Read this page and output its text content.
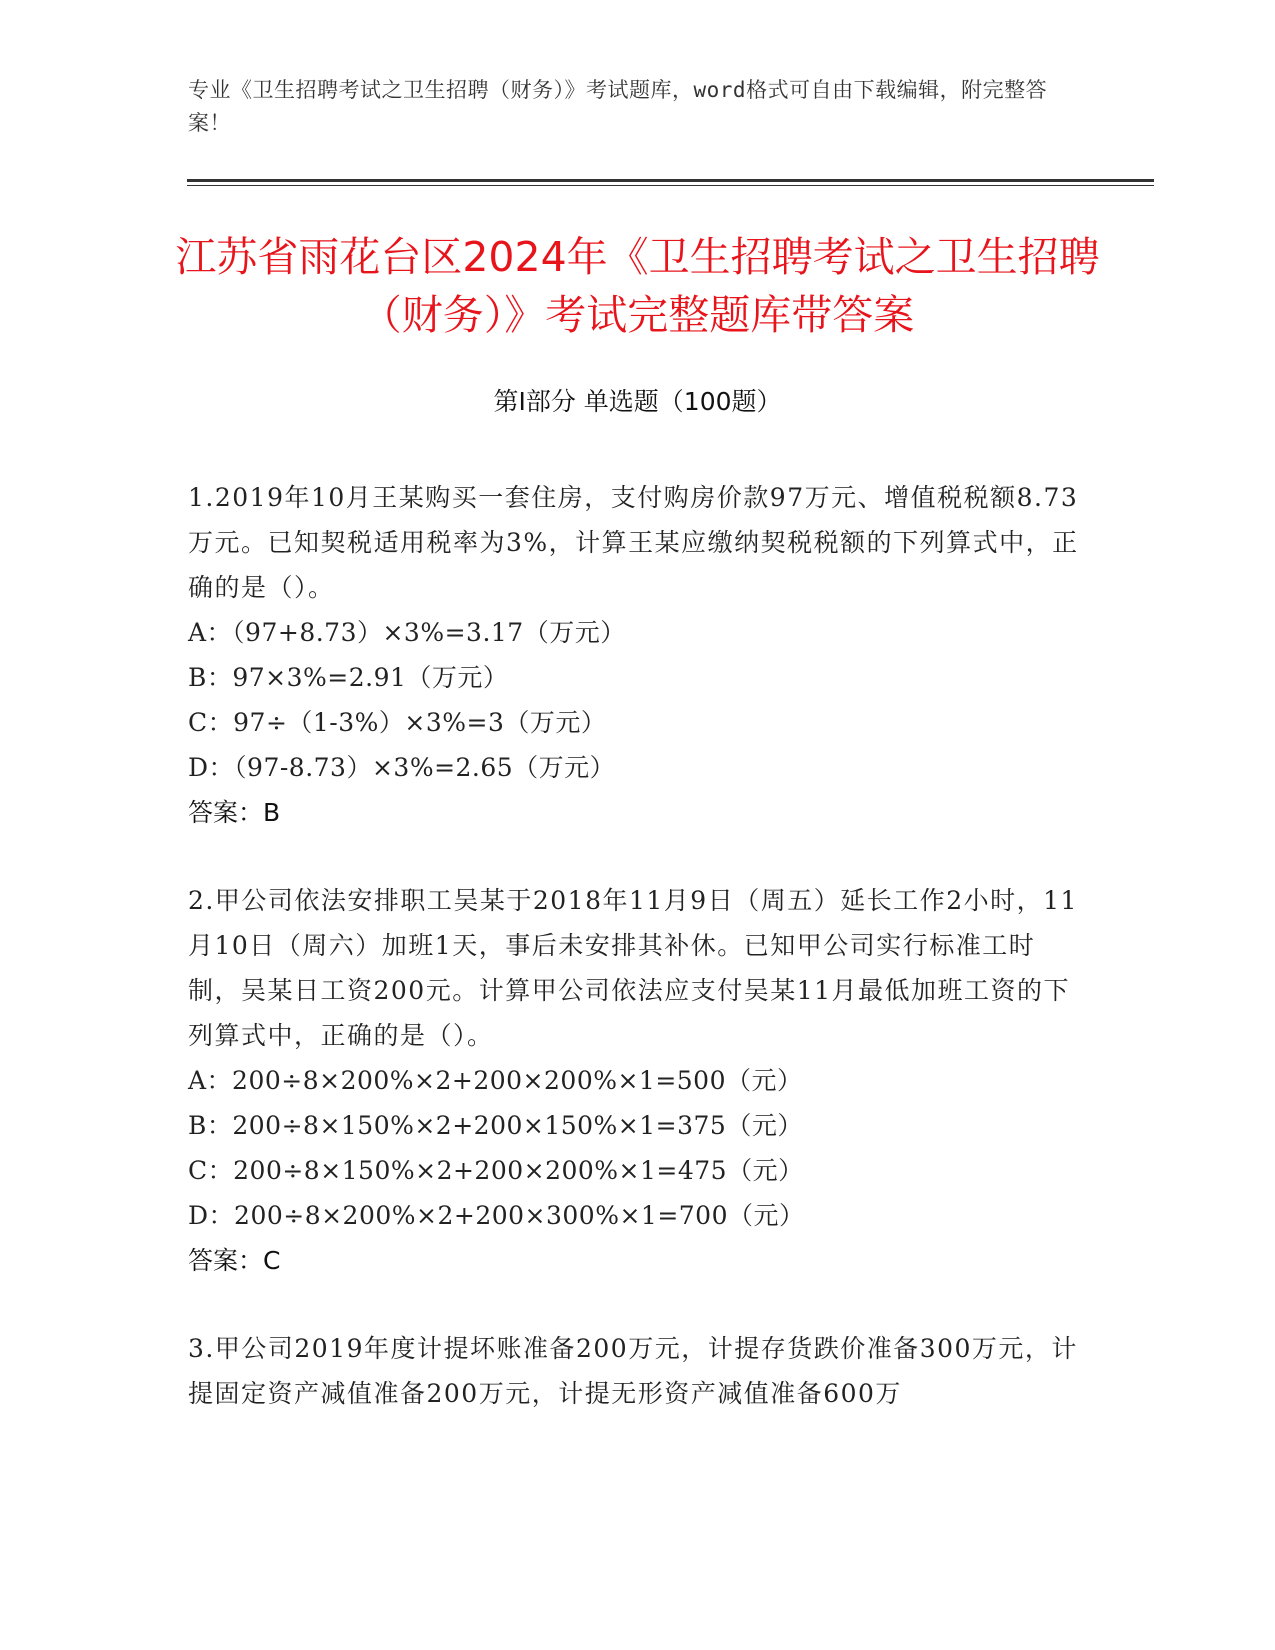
专业《卫生招聘考试之卫生招聘（财务）》考试题库，word格式可自由下载编辑，附完整答案！
江苏省雨花台区2024年《卫生招聘考试之卫生招聘（财务）》考试完整题库带答案
第Ⅰ部分 单选题（100题）
1.2019年10月王某购买一套住房，支付购房价款97万元、增值税税额8.73万元。已知契税适用税率为3%，计算王某应缴纳契税税额的下列算式中，正确的是（）。
A：（97+8.73）×3%=3.17（万元）
B：97×3%=2.91（万元）
C：97÷（1-3%）×3%=3（万元）
D：（97-8.73）×3%=2.65（万元）
答案：B
2.甲公司依法安排职工吴某于2018年11月9日（周五）延长工作2小时，11月10日（周六）加班1天，事后未安排其补休。已知甲公司实行标准工时制，吴某日工资200元。计算甲公司依法应支付吴某11月最低加班工资的下列算式中，正确的是（）。
A：200÷8×200%×2+200×200%×1=500（元）
B：200÷8×150%×2+200×150%×1=375（元）
C：200÷8×150%×2+200×200%×1=475（元）
D：200÷8×200%×2+200×300%×1=700（元）
答案：C
3.甲公司2019年度计提坏账准备200万元，计提存货跌价准备300万元，计提固定资产减值准备200万元，计提无形资产减值准备600万
